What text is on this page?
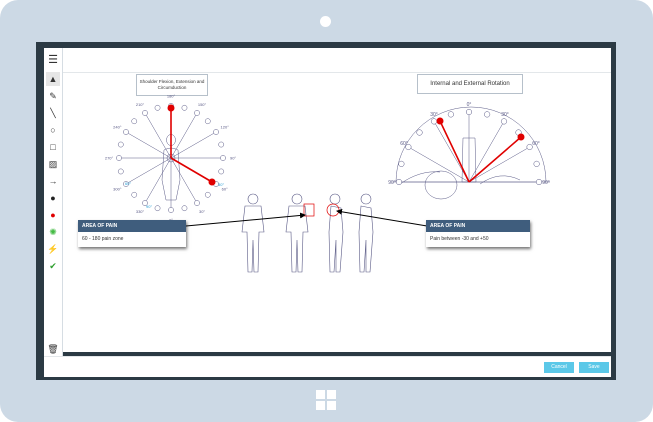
☰
▲
✎
╲
○
□
▨
→
●
●
✺
⚡
✔
🗑
Shoulder Flexion, Extension and Circumduction
Internal and External Rotation
180°
150°
120°
90°
60°
30°
330°
300°
270°
240°
210°
90°
60°	30°
0°
30°	30°
60°	60°
90°	90°
AREA OF PAIN
60 - 180 pain zone
AREA OF PAIN
Pain between -30 and +50
Cancel	Save
